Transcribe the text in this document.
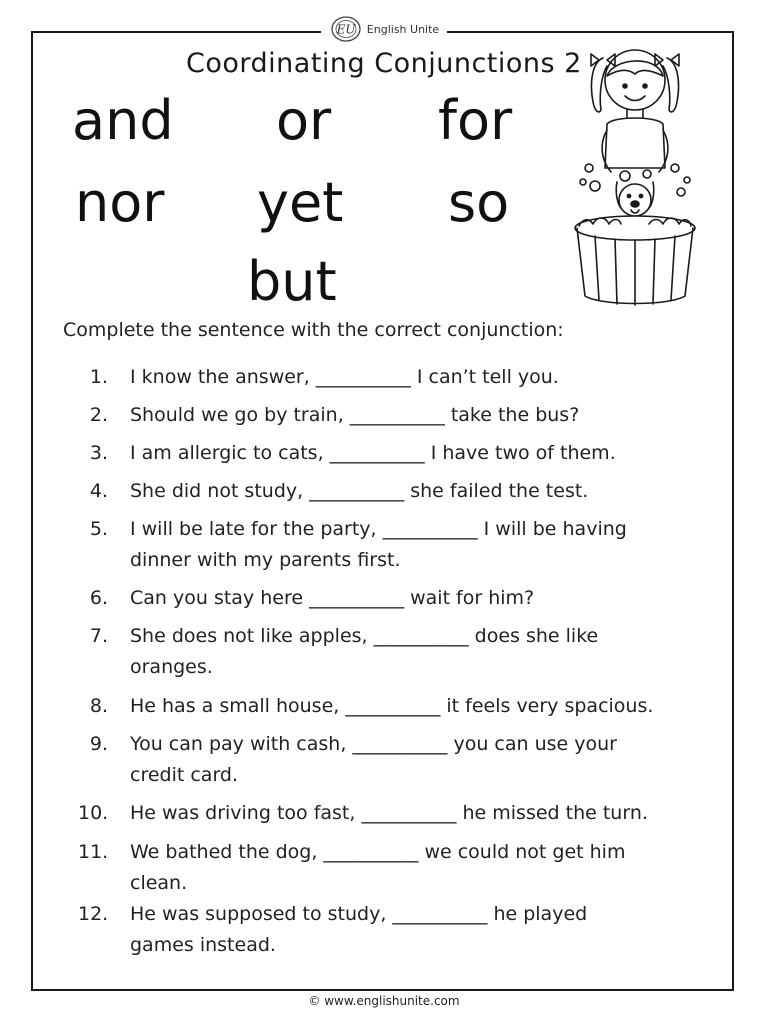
EU English Unite
Coordinating Conjunctions 2
and or for
nor yet so
but
Complete the sentence with the correct conjunction:
1. I know the answer, __________ I can’t tell you.
2. Should we go by train, __________ take the bus?
3. I am allergic to cats, __________ I have two of them.
4. She did not study, __________ she failed the test.
5. I will be late for the party, __________ I will be having
dinner with my parents first.
6. Can you stay here __________ wait for him?
7. She does not like apples, __________ does she like
oranges.
8. He has a small house, __________ it feels very spacious.
9. You can pay with cash, __________ you can use your
credit card.
10. He was driving too fast, __________ he missed the turn.
11. We bathed the dog, __________ we could not get him
clean.
12. He was supposed to study, __________ he played
games instead.
© www.englishunite.com
